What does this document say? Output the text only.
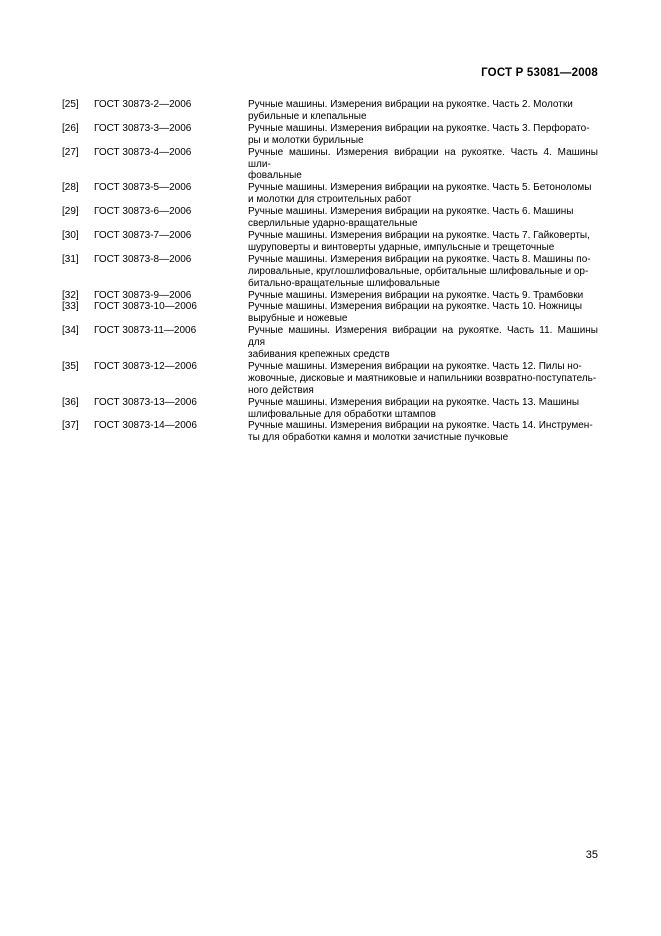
ГОСТ Р 53081—2008
[25] ГОСТ 30873-2—2006	Ручные машины. Измерения вибрации на рукоятке. Часть 2. Молотки
рубильные и клепальные
[26] ГОСТ 30873-3—2006	Ручные машины. Измерения вибрации на рукоятке. Часть 3. Перфорато-
ры и молотки бурильные
[27] ГОСТ 30873-4—2006	Ручные машины. Измерения вибрации на рукоятке. Часть 4. Машины шли-
фовальные
[28] ГОСТ 30873-5—2006	Ручные машины. Измерения вибрации на рукоятке. Часть 5. Бетоноломы
и молотки для строительных работ
[29] ГОСТ 30873-6—2006	Ручные машины. Измерения вибрации на рукоятке. Часть 6. Машины
сверлильные ударно-вращательные
[30] ГОСТ 30873-7—2006	Ручные машины. Измерения вибрации на рукоятке. Часть 7. Гайковерты,
шуруповерты и винтоверты ударные, импульсные и трещеточные
[31] ГОСТ 30873-8—2006	Ручные машины. Измерения вибрации на рукоятке. Часть 8. Машины по-
лировальные, круглошлифовальные, орбитальные шлифовальные и ор-
битально-вращательные шлифовальные
[32] ГОСТ 30873-9—2006	Ручные машины. Измерения вибрации на рукоятке. Часть 9. Трамбовки
[33] ГОСТ 30873-10—2006	Ручные машины. Измерения вибрации на рукоятке. Часть 10. Ножницы
вырубные и ножевые
[34] ГОСТ 30873-11—2006	Ручные машины. Измерения вибрации на рукоятке. Часть 11. Машины для
забивания крепежных средств
[35] ГОСТ 30873-12—2006	Ручные машины. Измерения вибрации на рукоятке. Часть 12. Пилы но-
жовочные, дисковые и маятниковые и напильники возвратно-поступатель-
ного действия
[36] ГОСТ 30873-13—2006	Ручные машины. Измерения вибрации на рукоятке. Часть 13. Машины
шлифовальные для обработки штампов
[37] ГОСТ 30873-14—2006	Ручные машины. Измерения вибрации на рукоятке. Часть 14. Инструмен-
ты для обработки камня и молотки зачистные пучковые
35
